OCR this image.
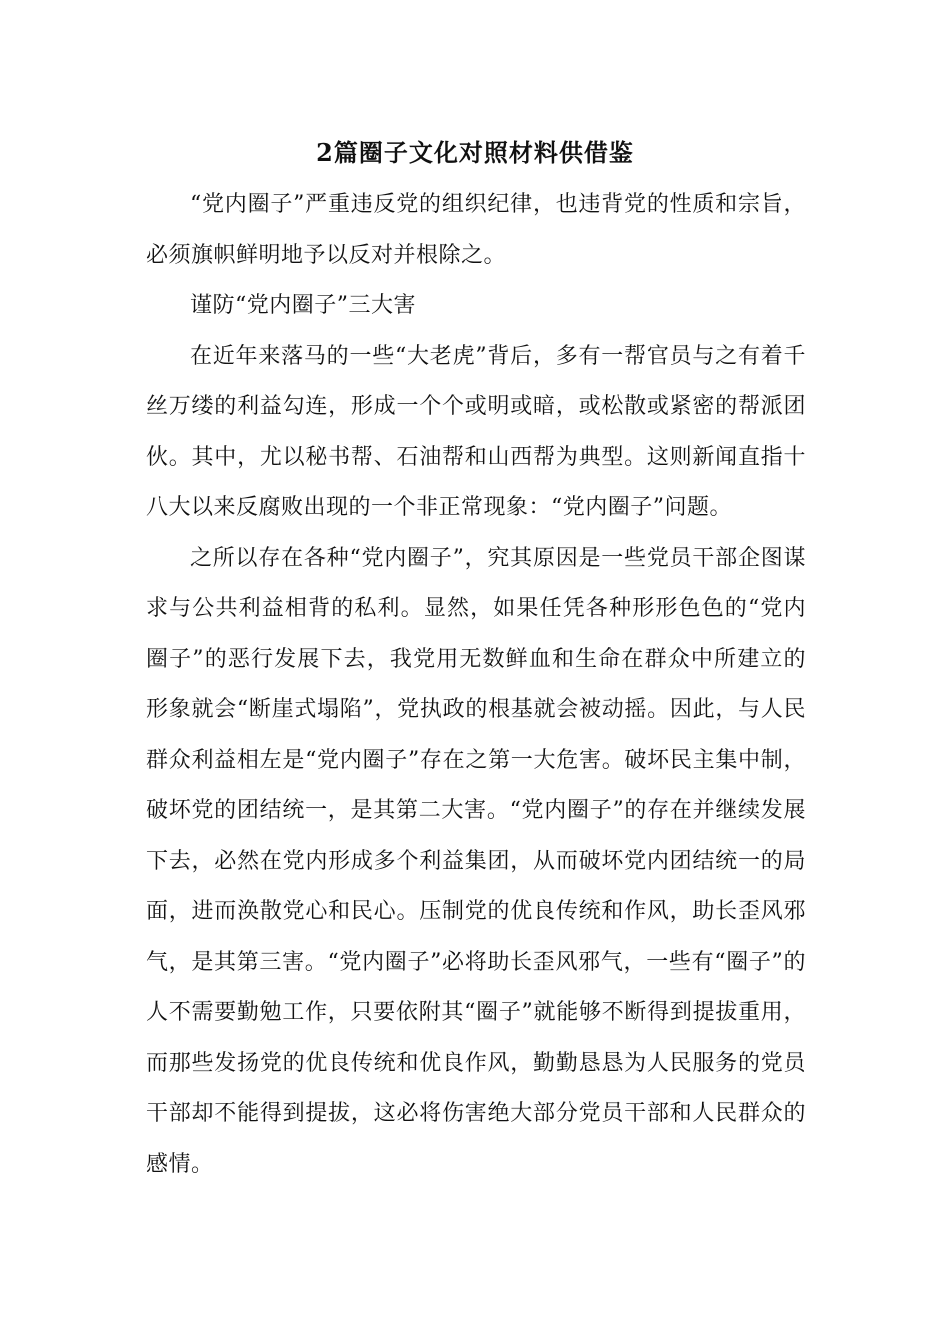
2篇圈子文化对照材料供借鉴

“党内圈子”严重违反党的组织纪律，也违背党的性质和宗旨，必须旗帜鲜明地予以反对并根除之。

谨防“党内圈子”三大害

在近年来落马的一些“大老虎”背后，多有一帮官员与之有着千丝万缕的利益勾连，形成一个个或明或暗，或松散或紧密的帮派团伙。其中，尤以秘书帮、石油帮和山西帮为典型。这则新闻直指十八大以来反腐败出现的一个非正常现象：“党内圈子”问题。

之所以存在各种“党内圈子”，究其原因是一些党员干部企图谋求与公共利益相背的私利。显然，如果任凭各种形形色色的“党内圈子”的恶行发展下去，我党用无数鲜血和生命在群众中所建立的形象就会“断崖式塌陷”，党执政的根基就会被动摇。因此，与人民群众利益相左是“党内圈子”存在之第一大危害。破坏民主集中制，破坏党的团结统一，是其第二大害。“党内圈子”的存在并继续发展下去，必然在党内形成多个利益集团，从而破坏党内团结统一的局面，进而涣散党心和民心。压制党的优良传统和作风，助长歪风邪气，是其第三害。“党内圈子”必将助长歪风邪气，一些有“圈子”的人不需要勤勉工作，只要依附其“圈子”就能够不断得到提拔重用，而那些发扬党的优良传统和优良作风，勤勤恳恳为人民服务的党员干部却不能得到提拔，这必将伤害绝大部分党员干部和人民群众的感情。
